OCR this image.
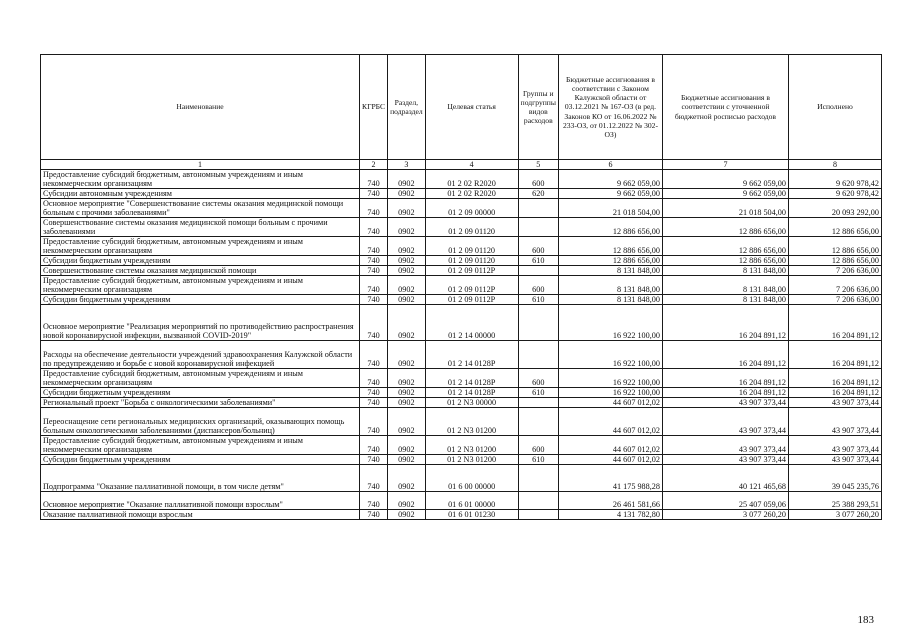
Наименование	КГРБС	Раздел, подраздел	Целевая статья	Группы и подгруппы видов расходов	Бюджетные ассигнования в соответствии с Законом Калужской области от 03.12.2021 № 167-ОЗ (в ред. Законов КО от 16.06.2022 № 233-ОЗ, от 01.12.2022 № 302-ОЗ)	Бюджетные ассигнования в соответствии с уточненной бюджетной росписью расходов	Исполнено
1	2	3	4	5	6	7	8
Предоставление субсидий бюджетным, автономным учреждениям и иным некоммерческим организациям	740	0902	01 2 02 R2020	600	9 662 059,00	9 662 059,00	9 620 978,42
Субсидии автономным учреждениям	740	0902	01 2 02 R2020	620	9 662 059,00	9 662 059,00	9 620 978,42
Основное мероприятие "Совершенствование системы оказания медицинской помощи больным с прочими заболеваниями"	740	0902	01 2 09 00000		21 018 504,00	21 018 504,00	20 093 292,00
Совершенствование системы оказания медицинской помощи больным с прочими заболеваниями	740	0902	01 2 09 01120		12 886 656,00	12 886 656,00	12 886 656,00
Предоставление субсидий бюджетным, автономным учреждениям и иным некоммерческим организациям	740	0902	01 2 09 01120	600	12 886 656,00	12 886 656,00	12 886 656,00
Субсидии бюджетным учреждениям	740	0902	01 2 09 01120	610	12 886 656,00	12 886 656,00	12 886 656,00
Совершенствование системы оказания медицинской помощи	740	0902	01 2 09 0112Р		8 131 848,00	8 131 848,00	7 206 636,00
Предоставление субсидий бюджетным, автономным учреждениям и иным некоммерческим организациям	740	0902	01 2 09 0112Р	600	8 131 848,00	8 131 848,00	7 206 636,00
Субсидии бюджетным учреждениям	740	0902	01 2 09 0112Р	610	8 131 848,00	8 131 848,00	7 206 636,00
Основное мероприятие "Реализация мероприятий по противодействию распространения новой коронавирусной инфекции, вызванной COVID-2019"	740	0902	01 2 14 00000		16 922 100,00	16 204 891,12	16 204 891,12
Расходы на обеспечение деятельности учреждений здравоохранения Калужской области по предупреждению и борьбе с новой коронавирусной инфекцией	740	0902	01 2 14 0128Р		16 922 100,00	16 204 891,12	16 204 891,12
Предоставление субсидий бюджетным, автономным учреждениям и иным некоммерческим организациям	740	0902	01 2 14 0128Р	600	16 922 100,00	16 204 891,12	16 204 891,12
Субсидии бюджетным учреждениям	740	0902	01 2 14 0128Р	610	16 922 100,00	16 204 891,12	16 204 891,12
Региональный проект "Борьба с онкологическими заболеваниями"	740	0902	01 2 N3 00000		44 607 012,02	43 907 373,44	43 907 373,44
Переоснащение сети региональных медицинских организаций, оказывающих помощь больным онкологическими заболеваниями (диспансеров/больниц)	740	0902	01 2 N3 01200		44 607 012,02	43 907 373,44	43 907 373,44
Предоставление субсидий бюджетным, автономным учреждениям и иным некоммерческим организациям	740	0902	01 2 N3 01200	600	44 607 012,02	43 907 373,44	43 907 373,44
Субсидии бюджетным учреждениям	740	0902	01 2 N3 01200	610	44 607 012,02	43 907 373,44	43 907 373,44
Подпрограмма "Оказание паллиативной помощи, в том числе детям"	740	0902	01 6 00 00000		41 175 988,28	40 121 465,68	39 045 235,76
Основное мероприятие "Оказание паллиативной помощи взрослым"	740	0902	01 6 01 00000		26 461 581,66	25 407 059,06	25 388 293,51
Оказание паллиативной помощи взрослым	740	0902	01 6 01 01230		4 131 782,80	3 077 260,20	3 077 260,20
183
